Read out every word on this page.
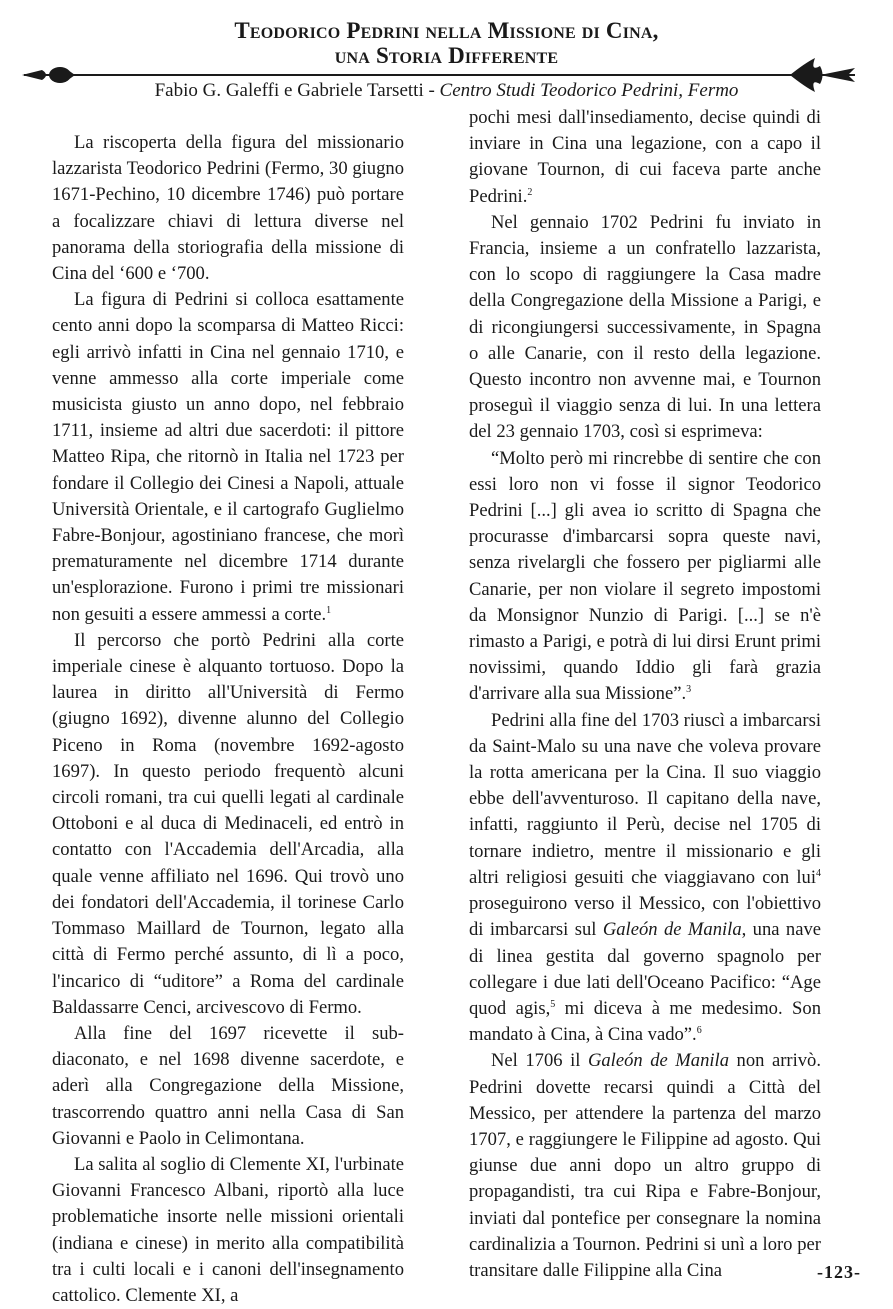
Teodorico Pedrini nella Missione di Cina,
una Storia Differente
Fabio G. Galeffi e Gabriele Tarsetti - Centro Studi Teodorico Pedrini, Fermo

La riscoperta della figura del missionario lazzarista Teodorico Pedrini (Fermo, 30 giugno 1671-Pechino, 10 dicembre 1746) può portare a focalizzare chiavi di lettura diverse nel panorama della storiografia della missione di Cina del ‘600 e ‘700.

La figura di Pedrini si colloca esattamente cento anni dopo la scomparsa di Matteo Ricci: egli arrivò infatti in Cina nel gennaio 1710, e venne ammesso alla corte imperiale come musicista giusto un anno dopo, nel febbraio 1711, insieme ad altri due sacerdoti: il pittore Matteo Ripa, che ritornò in Italia nel 1723 per fondare il Collegio dei Cinesi a Napoli, attuale Università Orientale, e il cartografo Guglielmo Fabre-Bonjour, agostiniano francese, che morì prematuramente nel dicembre 1714 durante un'esplorazione. Furono i primi tre missionari non gesuiti a essere ammessi a corte.$^1$

Il percorso che portò Pedrini alla corte imperiale cinese è alquanto tortuoso. Dopo la laurea in diritto all'Università di Fermo (giugno 1692), divenne alunno del Collegio Piceno in Roma (novembre 1692-agosto 1697). In questo periodo frequentò alcuni circoli romani, tra cui quelli legati al cardinale Ottoboni e al duca di Medinaceli, ed entrò in contatto con l'Accademia dell'Arcadia, alla quale venne affiliato nel 1696. Qui trovò uno dei fondatori dell'Accademia, il torinese Carlo Tommaso Maillard de Tournon, legato alla città di Fermo perché assunto, di lì a poco, l'incarico di “uditore” a Roma del cardinale Baldassarre Cenci, arcivescovo di Fermo.

Alla fine del 1697 ricevette il sub-diaconato, e nel 1698 divenne sacerdote, e aderì alla Congregazione della Missione, trascorrendo quattro anni nella Casa di San Giovanni e Paolo in Celimontana.

La salita al soglio di Clemente XI, l'urbinate Giovanni Francesco Albani, riportò alla luce problematiche insorte nelle missioni orientali (indiana e cinese) in merito alla compatibilità tra i culti locali e i canoni dell'insegnamento cattolico. Clemente XI, a

pochi mesi dall'insediamento, decise quindi di inviare in Cina una legazione, con a capo il giovane Tournon, di cui faceva parte anche Pedrini.$^2$

Nel gennaio 1702 Pedrini fu inviato in Francia, insieme a un confratello lazzarista, con lo scopo di raggiungere la Casa madre della Congregazione della Missione a Parigi, e di ricongiungersi successivamente, in Spagna o alle Canarie, con il resto della legazione. Questo incontro non avvenne mai, e Tournon proseguì il viaggio senza di lui. In una lettera del 23 gennaio 1703, così si esprimeva:

“Molto però mi rincrebbe di sentire che con essi loro non vi fosse il signor Teodorico Pedrini [...] gli avea io scritto di Spagna che procurasse d'imbarcarsi sopra queste navi, senza rivelargli che fossero per pigliarmi alle Canarie, per non violare il segreto impostomi da Monsignor Nunzio di Parigi. [...] se n'è rimasto a Parigi, e potrà di lui dirsi Erunt primi novissimi, quando Iddio gli farà grazia d'arrivare alla sua Missione”.$^3$

Pedrini alla fine del 1703 riuscì a imbarcarsi da Saint-Malo su una nave che voleva provare la rotta americana per la Cina. Il suo viaggio ebbe dell'avventuroso. Il capitano della nave, infatti, raggiunto il Perù, decise nel 1705 di tornare indietro, mentre il missionario e gli altri religiosi gesuiti che viaggiavano con lui$^4$ proseguirono verso il Messico, con l'obiettivo di imbarcarsi sul Galeón de Manila, una nave di linea gestita dal governo spagnolo per collegare i due lati dell'Oceano Pacifico: “Age quod agis,$^5$ mi diceva à me medesimo. Son mandato à Cina, à Cina vado”.$^6$

Nel 1706 il Galeón de Manila non arrivò. Pedrini dovette recarsi quindi a Città del Messico, per attendere la partenza del marzo 1707, e raggiungere le Filippine ad agosto. Qui giunse due anni dopo un altro gruppo di propagandisti, tra cui Ripa e Fabre-Bonjour, inviati dal pontefice per consegnare la nomina cardinalizia a Tournon. Pedrini si unì a loro per transitare dalle Filippine alla Cina	-123-
